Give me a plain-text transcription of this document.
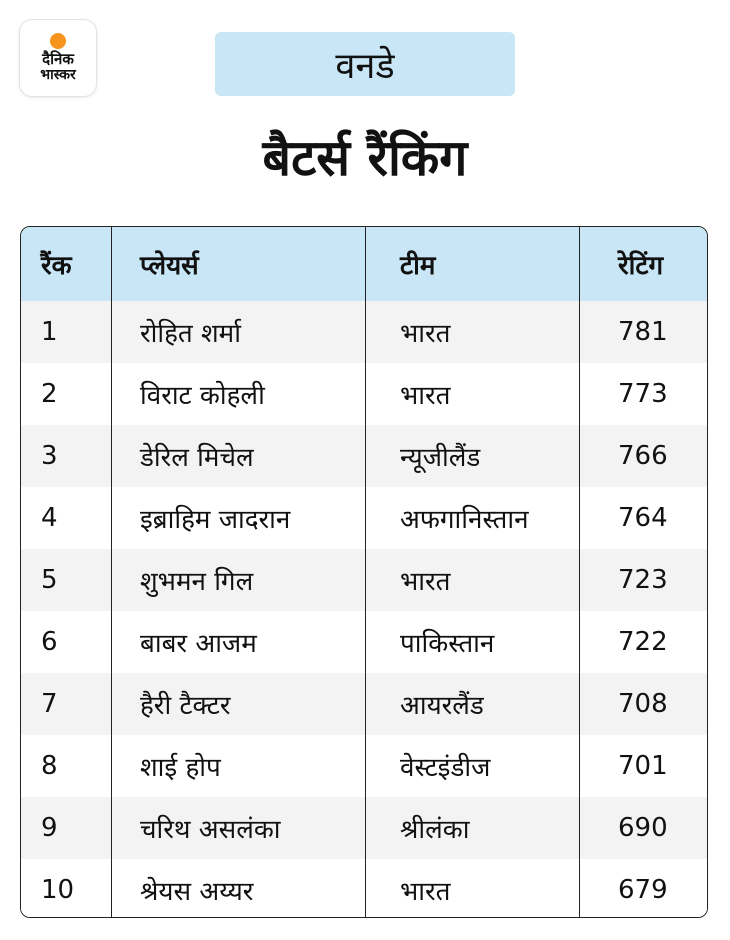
दैनिक
भास्कर	वनडे
बैटर्स रैंकिंग
रैंक	प्लेयर्स	टीम	रेटिंग
1	रोहित शर्मा	भारत	781
2	विराट कोहली	भारत	773
3	डेरिल मिचेल	न्यूजीलैंड	766
4	इब्राहिम जादरान	अफगानिस्तान	764
5	शुभमन गिल	भारत	723
6	बाबर आजम	पाकिस्तान	722
7	हैरी टैक्टर	आयरलैंड	708
8	शाई होप	वेस्टइंडीज	701
9	चरिथ असलंका	श्रीलंका	690
10	श्रेयस अय्यर	भारत	679
